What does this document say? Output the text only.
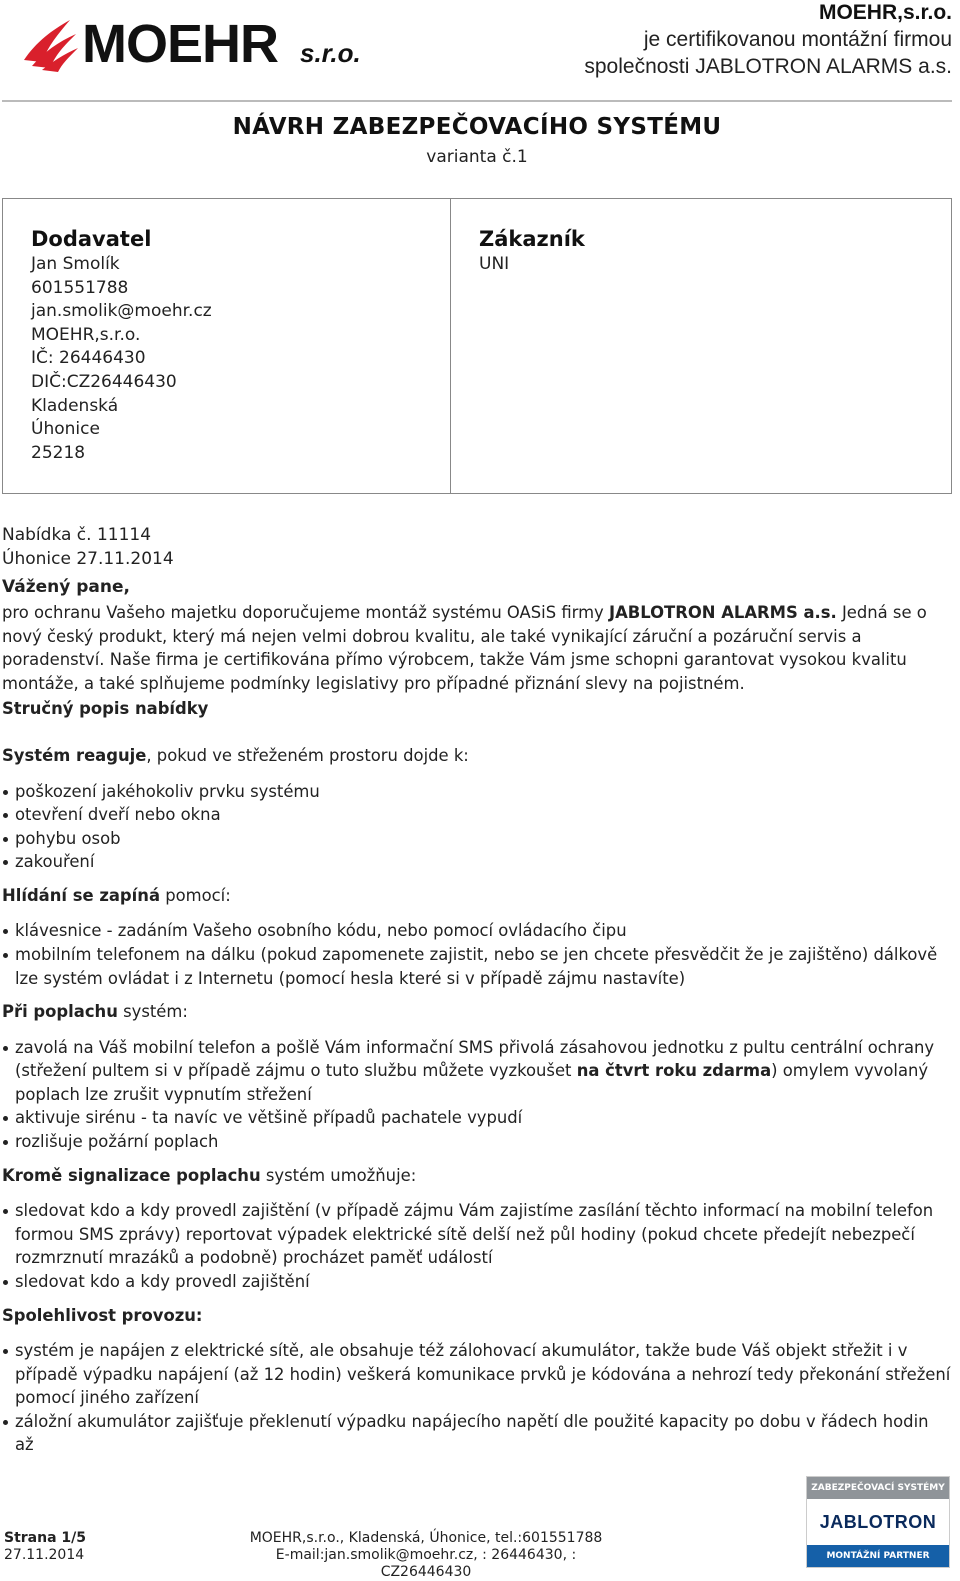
MOEHR s.r.o.
MOEHR,s.r.o.
je certifikovanou montážní firmou
společnosti JABLOTRON ALARMS a.s.
NÁVRH ZABEZPEČOVACÍHO SYSTÉMU
varianta č.1
Dodavatel
Jan Smolík
601551788
jan.smolik@moehr.cz
MOEHR,s.r.o.
IČ: 26446430
DIČ:CZ26446430
Kladenská
Úhonice
25218
Zákazník
UNI
Nabídka č. 11114
Úhonice 27.11.2014
Vážený pane,
pro ochranu Vašeho majetku doporučujeme montáž systému OASiS firmy JABLOTRON ALARMS a.s. Jedná se o nový český produkt, který má nejen velmi dobrou kvalitu, ale také vynikající záruční a pozáruční servis a poradenství. Naše firma je certifikována přímo výrobcem, takže Vám jsme schopni garantovat vysokou kvalitu montáže, a také splňujeme podmínky legislativy pro případné přiznání slevy na pojistném.
Stručný popis nabídky
Systém reaguje, pokud ve střeženém prostoru dojde k:
poškození jakéhokoliv prvku systému
otevření dveří nebo okna
pohybu osob
zakouření
Hlídání se zapíná pomocí:
klávesnice - zadáním Vašeho osobního kódu, nebo pomocí ovládacího čipu
mobilním telefonem na dálku (pokud zapomenete zajistit, nebo se jen chcete přesvědčit že je zajištěno) dálkově lze systém ovládat i z Internetu (pomocí hesla které si v případě zájmu nastavíte)
Při poplachu systém:
zavolá na Váš mobilní telefon a pošlě Vám informační SMS přivolá zásahovou jednotku z pultu centrální ochrany (střežení pultem si v případě zájmu o tuto službu můžete vyzkoušet na čtvrt roku zdarma) omylem vyvolaný poplach lze zrušit vypnutím střežení
aktivuje sirénu - ta navíc ve většině případů pachatele vypudí
rozlišuje požární poplach
Kromě signalizace poplachu systém umožňuje:
sledovat kdo a kdy provedl zajištění (v případě zájmu Vám zajistíme zasílání těchto informací na mobilní telefon formou SMS zprávy) reportovat výpadek elektrické sítě delší než půl hodiny (pokud chcete předejít nebezpečí rozmrznutí mrazáků a podobně) procházet paměť událostí
sledovat kdo a kdy provedl zajištění
Spolehlivost provozu:
systém je napájen z elektrické sítě, ale obsahuje též zálohovací akumulátor, takže bude Váš objekt střežit i v případě výpadku napájení (až 12 hodin) veškerá komunikace prvků je kódována a nehrozí tedy překonání střežení pomocí jiného zařízení
záložní akumulátor zajišťuje překlenutí výpadku napájecího napětí dle použité kapacity po dobu v řádech hodin až
ZABEZPEČOVACÍ SYSTÉMY
JABLOTRON
MONTÁŽNÍ PARTNER
Strana 1/5
27.11.2014
MOEHR,s.r.o., Kladenská, Úhonice, tel.:601551788
E-mail:jan.smolik@moehr.cz, : 26446430, : CZ26446430
